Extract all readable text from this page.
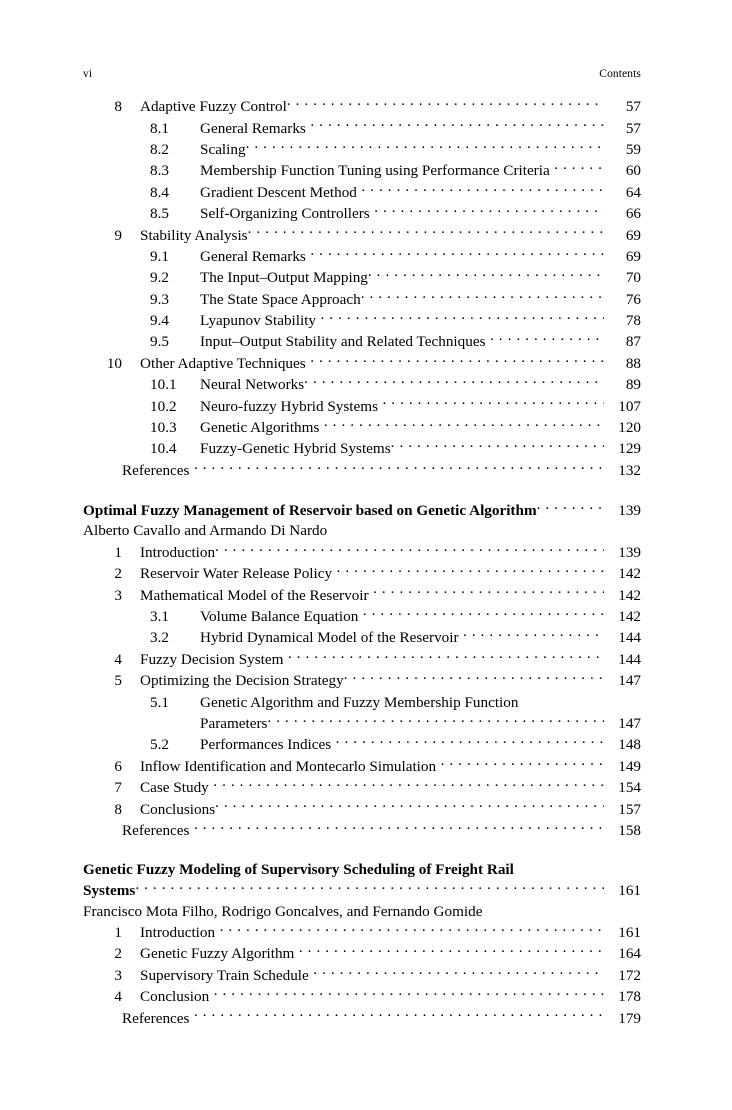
vi	Contents
8	Adaptive Fuzzy Control . . .	57
8.1	General Remarks . . .	57
8.2	Scaling . . .	59
8.3	Membership Function Tuning using Performance Criteria . . .	60
8.4	Gradient Descent Method . . .	64
8.5	Self-Organizing Controllers . . .	66
9	Stability Analysis . . .	69
9.1	General Remarks . . .	69
9.2	The Input–Output Mapping . . .	70
9.3	The State Space Approach . . .	76
9.4	Lyapunov Stability . . .	78
9.5	Input–Output Stability and Related Techniques . . .	87
10	Other Adaptive Techniques . . .	88
10.1	Neural Networks . . .	89
10.2	Neuro-fuzzy Hybrid Systems . . .	107
10.3	Genetic Algorithms . . .	120
10.4	Fuzzy-Genetic Hybrid Systems . . .	129
References . . .	132
Optimal Fuzzy Management of Reservoir based on Genetic Algorithm . . .	139
Alberto Cavallo and Armando Di Nardo
1	Introduction . . .	139
2	Reservoir Water Release Policy . . .	142
3	Mathematical Model of the Reservoir . . .	142
3.1	Volume Balance Equation . . .	142
3.2	Hybrid Dynamical Model of the Reservoir . . .	144
4	Fuzzy Decision System . . .	144
5	Optimizing the Decision Strategy . . .	147
5.1	Genetic Algorithm and Fuzzy Membership Function

Parameters . . .	147
5.2	Performances Indices . . .	148
6	Inflow Identification and Montecarlo Simulation . . .	149
7	Case Study . . .	154
8	Conclusions . . .	157
References . . .	158
Genetic Fuzzy Modeling of Supervisory Scheduling of Freight Rail
Systems . . .	161
Francisco Mota Filho, Rodrigo Goncalves, and Fernando Gomide
1	Introduction . . .	161
2	Genetic Fuzzy Algorithm . . .	164
3	Supervisory Train Schedule . . .	172
4	Conclusion . . .	178
References . . .	179
